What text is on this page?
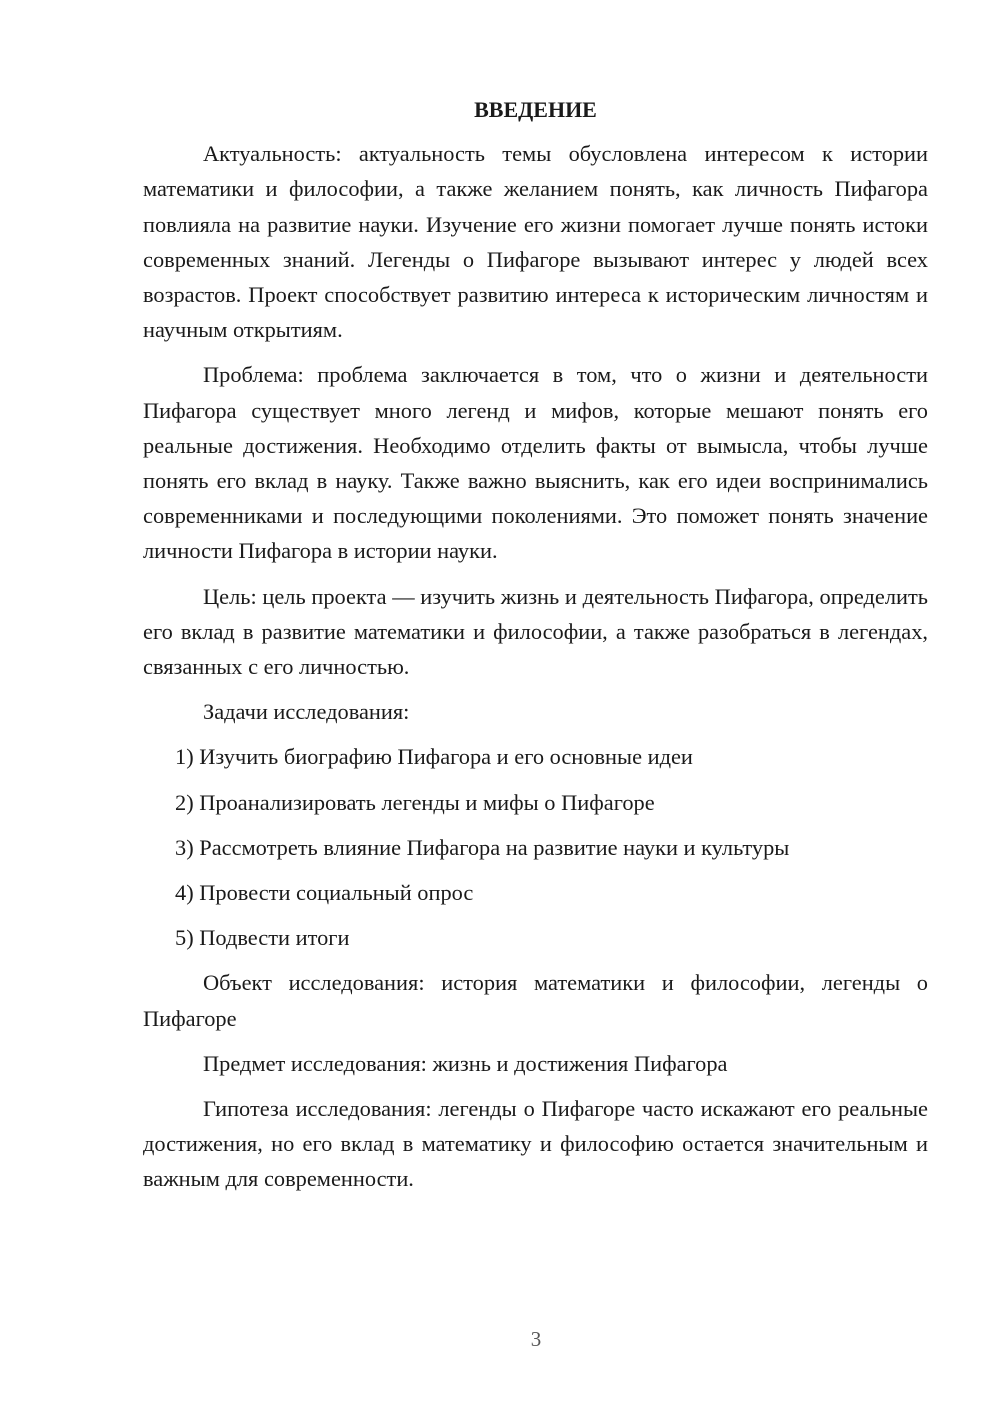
ВВЕДЕНИЕ

Актуальность: актуальность темы обусловлена интересом к истории математики и философии, а также желанием понять, как личность Пифагора повлияла на развитие науки. Изучение его жизни помогает лучше понять истоки современных знаний. Легенды о Пифагоре вызывают интерес у людей всех возрастов. Проект способствует развитию интереса к историческим личностям и научным открытиям.

Проблема: проблема заключается в том, что о жизни и деятельности Пифагора существует много легенд и мифов, которые мешают понять его реальные достижения. Необходимо отделить факты от вымысла, чтобы лучше понять его вклад в науку. Также важно выяснить, как его идеи воспринимались современниками и последующими поколениями. Это поможет понять значение личности Пифагора в истории науки.

Цель: цель проекта — изучить жизнь и деятельность Пифагора, определить его вклад в развитие математики и философии, а также разобраться в легендах, связанных с его личностью.

Задачи исследования:

1) Изучить биографию Пифагора и его основные идеи
2) Проанализировать легенды и мифы о Пифагоре
3) Рассмотреть влияние Пифагора на развитие науки и культуры
4) Провести социальный опрос
5) Подвести итоги

Объект исследования: история математики и философии, легенды о Пифагоре

Предмет исследования: жизнь и достижения Пифагора

Гипотеза исследования: легенды о Пифагоре часто искажают его реальные достижения, но его вклад в математику и философию остается значительным и важным для современности.

3
